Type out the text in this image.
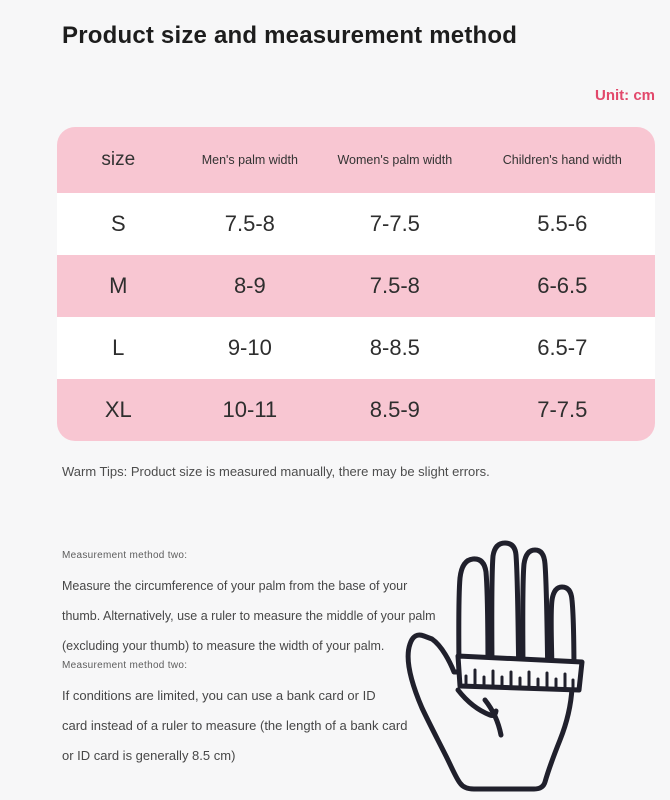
Product size and measurement method
Unit: cm
size	Men's palm width	Women's palm width	Children's hand width
S	7.5-8	7-7.5	5.5-6
M	8-9	7.5-8	6-6.5
L	9-10	8-8.5	6.5-7
XL	10-11	8.5-9	7-7.5
Warm Tips: Product size is measured manually, there may be slight errors.
Measurement method two:
Measure the circumference of your palm from the base of your
thumb. Alternatively, use a ruler to measure the middle of your palm
(excluding your thumb) to measure the width of your palm.
Measurement method two:
If conditions are limited, you can use a bank card or ID
card instead of a ruler to measure (the length of a bank card
or ID card is generally 8.5 cm)
